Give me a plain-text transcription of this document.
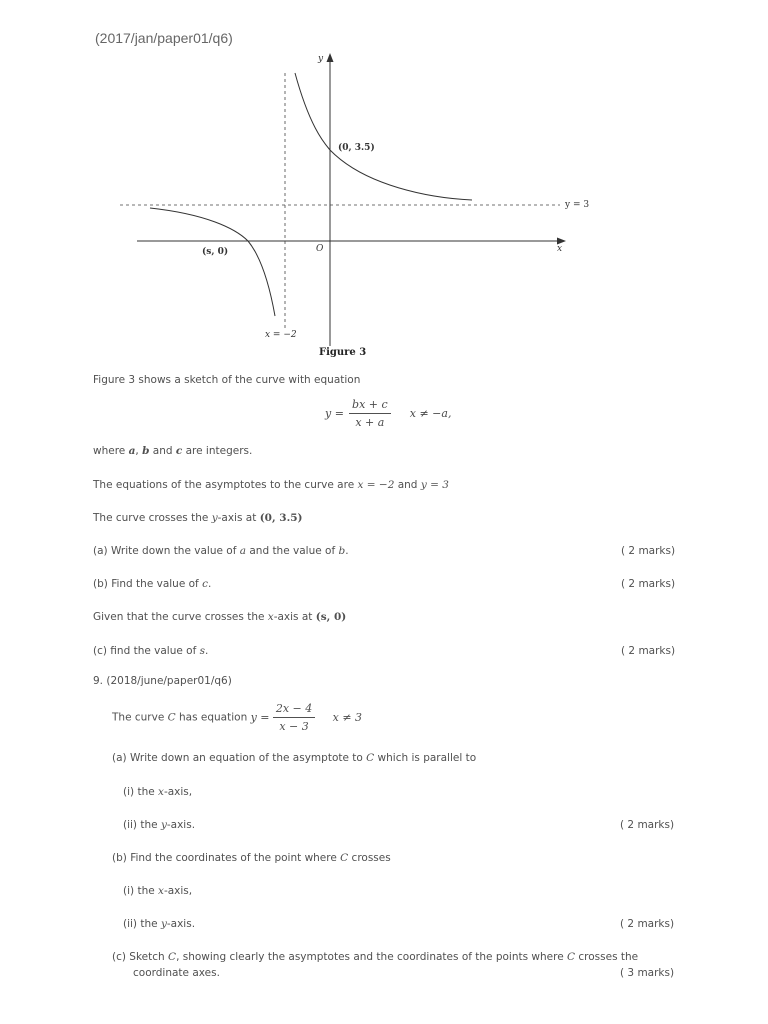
(2017/jan/paper01/q6)
y
x
O
(0, 3.5)
(s, 0)
y = 3
x = −2
Figure 3
Figure 3 shows a sketch of the curve with equation
$y = \frac{bx + c}{x + a}$ x ≠ −a,
where a, b and c are integers.
The equations of the asymptotes to the curve are x = −2 and y = 3
The curve crosses the y-axis at (0, 3.5)
(a) Write down the value of a and the value of b.	( 2 marks)
(b) Find the value of c.	( 2 marks)
Given that the curve crosses the x-axis at (s, 0)
(c) find the value of s.	( 2 marks)
9. (2018/june/paper01/q6)
The curve C has equation $y = \frac{2x - 4}{x - 3}$ x ≠ 3
(a) Write down an equation of the asymptote to C which is parallel to
(i) the x-axis,
(ii) the y-axis.	( 2 marks)
(b) Find the coordinates of the point where C crosses
(i) the x-axis,
(ii) the y-axis.	( 2 marks)
(c) Sketch C, showing clearly the asymptotes and the coordinates of the points where C crosses the
coordinate axes.	( 3 marks)
